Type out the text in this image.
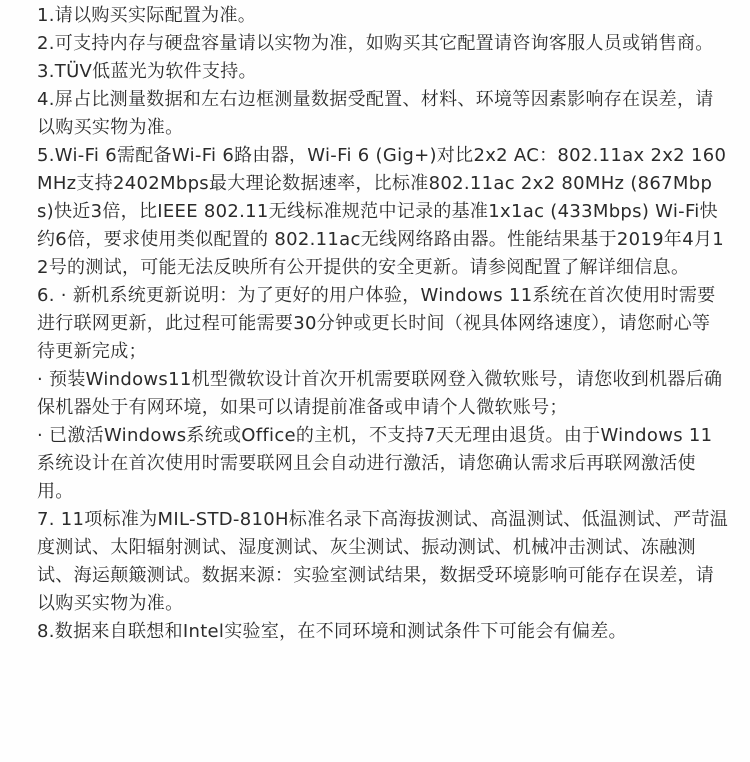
1.请以购买实际配置为准。

2.可支持内存与硬盘容量请以实物为准，如购买其它配置请咨询客服人员或销售商。

3.TÜV低蓝光为软件支持。

4.屏占比测量数据和左右边框测量数据受配置、材料、环境等因素影响存在误差，请以购买实物为准。

5.Wi-Fi 6需配备Wi-Fi 6路由器，Wi-Fi 6 (Gig+)对比2x2 AC：802.11ax 2x2 160MHz支持2402Mbps最大理论数据速率，比标准802.11ac 2x2 80MHz (867Mbps)快近3倍，比IEEE 802.11无线标准规范中记录的基准1x1ac (433Mbps) Wi-Fi快约6倍，要求使用类似配置的 802.11ac无线网络路由器。性能结果基于2019年4月12号的测试，可能无法反映所有公开提供的安全更新。请参阅配置了解详细信息。

6. · 新机系统更新说明：为了更好的用户体验，Windows 11系统在首次使用时需要进行联网更新，此过程可能需要30分钟或更长时间（视具体网络速度），请您耐心等待更新完成；

· 预装Windows11机型微软设计首次开机需要联网登入微软账号，请您收到机器后确保机器处于有网环境，如果可以请提前准备或申请个人微软账号；

· 已激活Windows系统或Office的主机，不支持7天无理由退货。由于Windows 11系统设计在首次使用时需要联网且会自动进行激活，请您确认需求后再联网激活使用。

7. 11项标准为MIL-STD-810H标准名录下高海拔测试、高温测试、低温测试、严苛温度测试、太阳辐射测试、湿度测试、灰尘测试、振动测试、机械冲击测试、冻融测试、海运颠簸测试。数据来源：实验室测试结果，数据受环境影响可能存在误差，请以购买实物为准。

8.数据来自联想和Intel实验室，在不同环境和测试条件下可能会有偏差。
